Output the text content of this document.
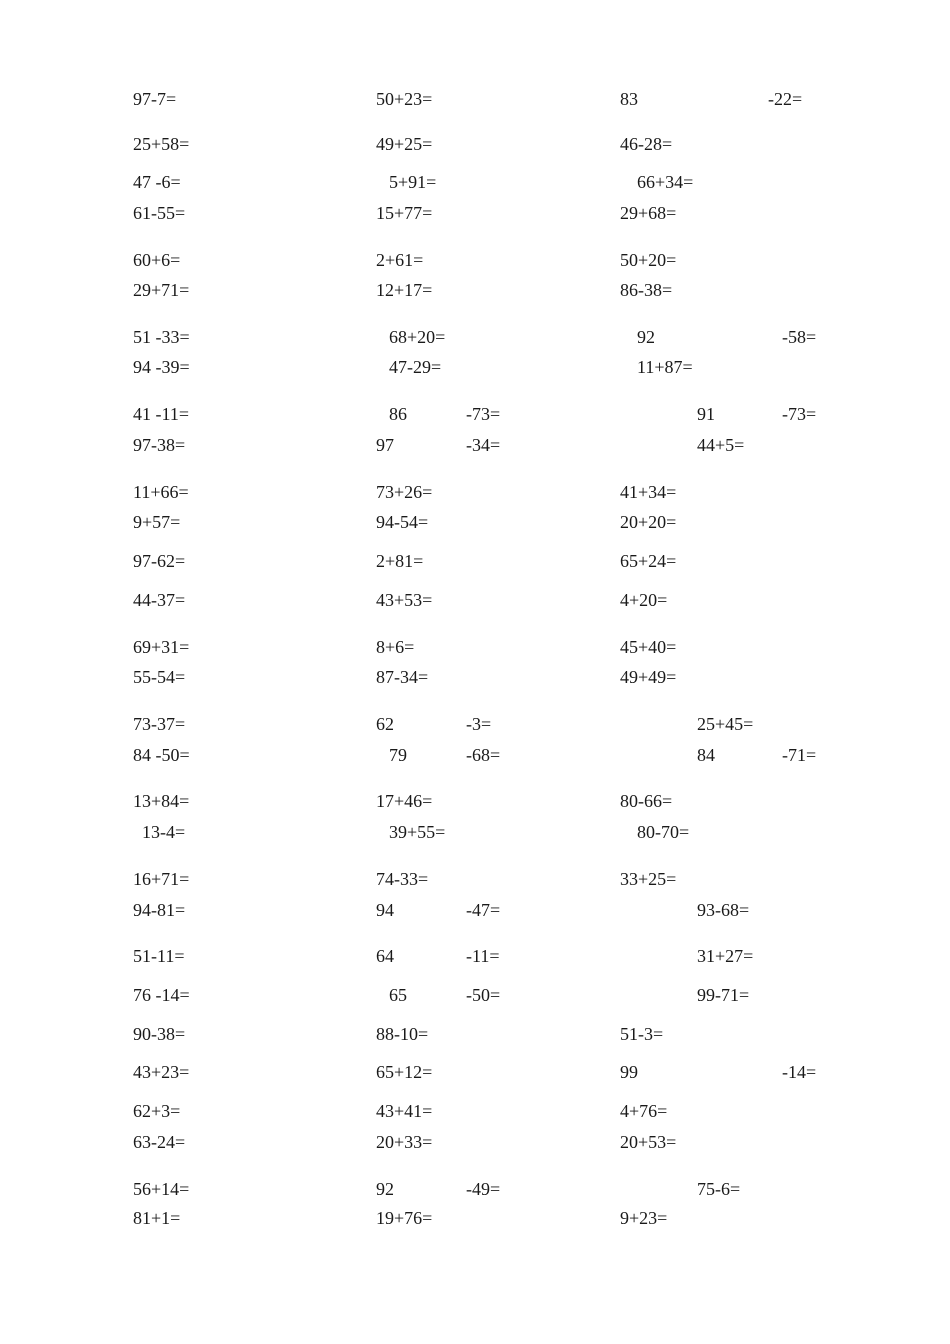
97-7=	50+23=	83	-22=
25+58=	49+25=	46-28=
47 -6=	5+91=	66+34=
61-55=	15+77=	29+68=
60+6=	2+61=	50+20=
29+71=	12+17=	86-38=
51 -33=	68+20=	92	-58=
94 -39=	47-29=	11+87=
41 -11=	86	-73=	91	-73=
97-38=	97	-34=	44+5=
11+66=	73+26=	41+34=
9+57=	94-54=	20+20=
97-62=	2+81=	65+24=
44-37=	43+53=	4+20=
69+31=	8+6=	45+40=
55-54=	87-34=	49+49=
73-37=	62	-3=	25+45=
84 -50=	79	-68=	84	-71=
13+84=	17+46=	80-66=
13-4=	39+55=	80-70=
16+71=	74-33=	33+25=
94-81=	94	-47=	93-68=
51-11=	64	-11=	31+27=
76 -14=	65	-50=	99-71=
90-38=	88-10=	51-3=
43+23=	65+12=	99	-14=
62+3=	43+41=	4+76=
63-24=	20+33=	20+53=
56+14=	92	-49=	75-6=
81+1=	19+76=	9+23=
